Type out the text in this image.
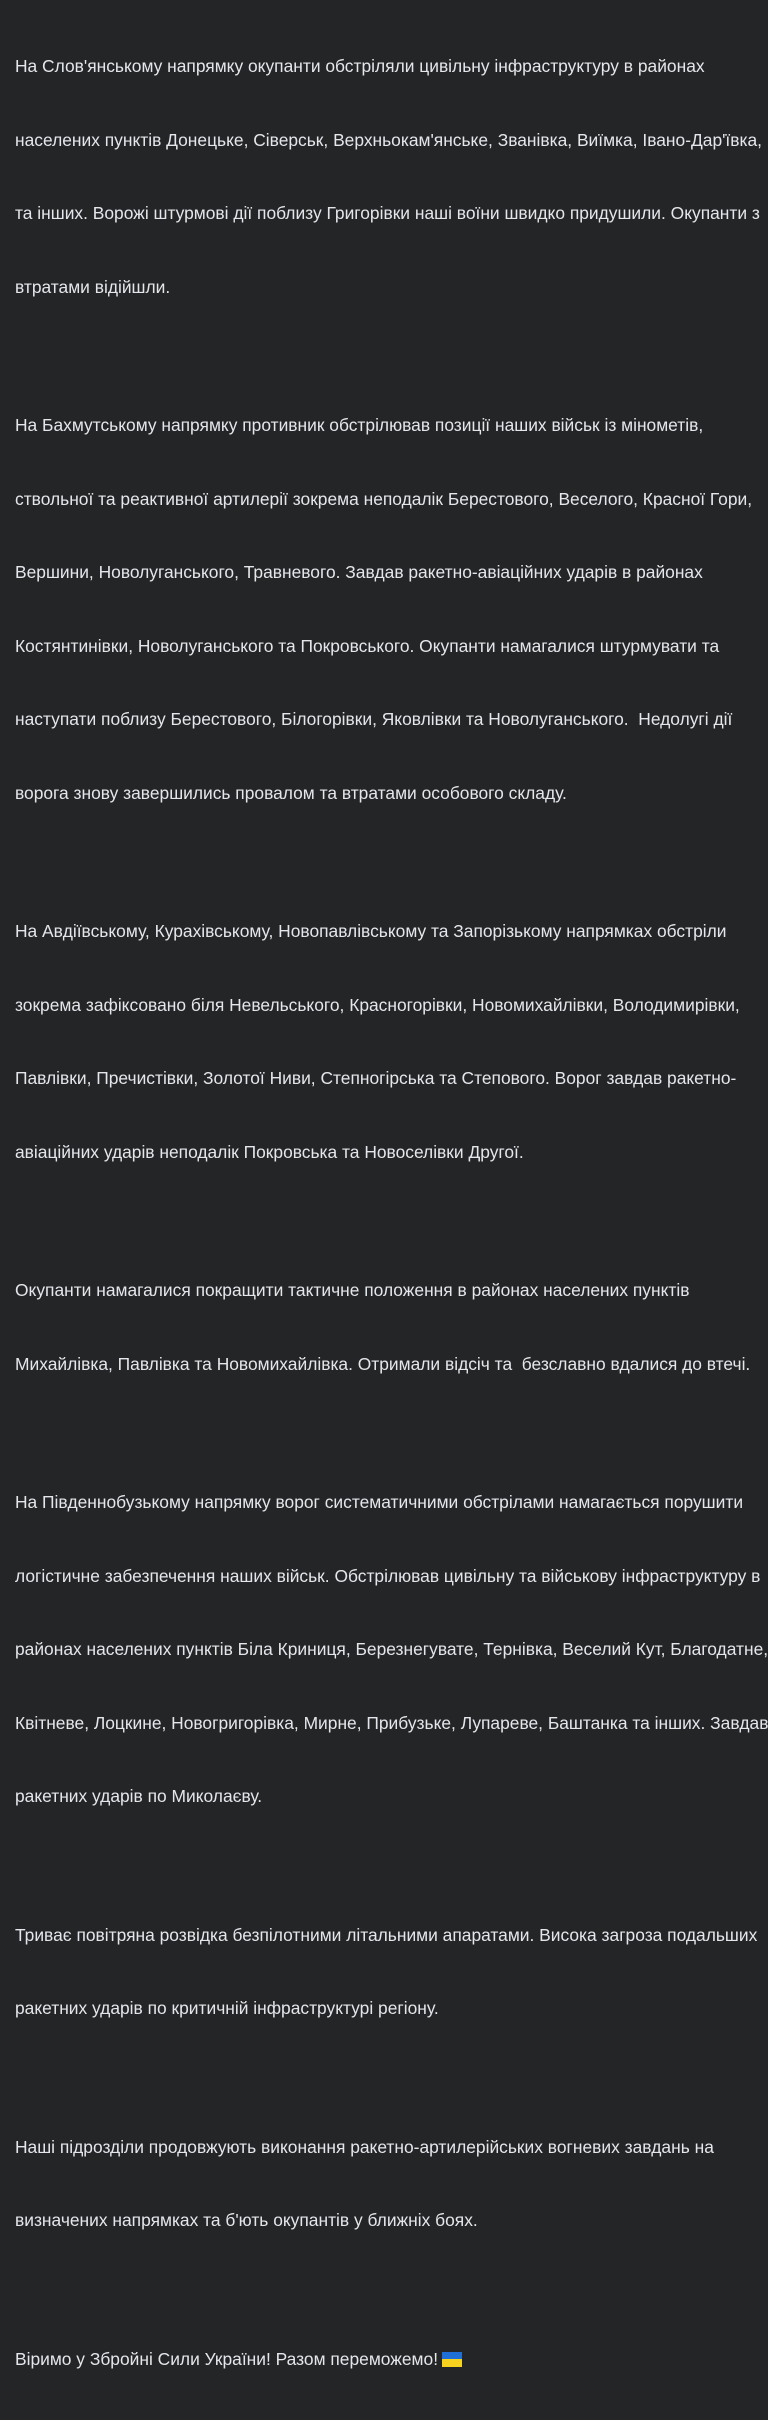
На Слов'янському напрямку окупанти обстріляли цивільну інфраструктуру в районах

населених пунктів Донецьке, Сіверськ, Верхньокам'янське, Званівка, Виїмка, Івано-Дар'ївка,

та інших. Ворожі штурмові дії поблизу Григорівки наші воїни швидко придушили. Окупанти з

втратами відійшли.

На Бахмутському напрямку противник обстрілював позиції наших військ із мінометів,

ствольної та реактивної артилерії зокрема неподалік Берестового, Веселого, Красної Гори,

Вершини, Новолуганського, Травневого. Завдав ракетно-авіаційних ударів в районах

Костянтинівки, Новолуганського та Покровського. Окупанти намагалися штурмувати та

наступати поблизу Берестового, Білогорівки, Яковлівки та Новолуганського.  Недолугі дії

ворога знову завершились провалом та втратами особового складу.

На Авдіївському, Курахівському, Новопавлівському та Запорізькому напрямках обстріли

зокрема зафіксовано біля Невельського, Красногорівки, Новомихайлівки, Володимирівки,

Павлівки, Пречистівки, Золотої Ниви, Степногірська та Степового. Ворог завдав ракетно-

авіаційних ударів неподалік Покровська та Новоселівки Другої.

Окупанти намагалися покращити тактичне положення в районах населених пунктів

Михайлівка, Павлівка та Новомихайлівка. Отримали відсіч та  безславно вдалися до втечі.

На Південнобузькому напрямку ворог систематичними обстрілами намагається порушити

логістичне забезпечення наших військ. Обстрілював цивільну та військову інфраструктуру в

районах населених пунктів Біла Криниця, Березнегувате, Тернівка, Веселий Кут, Благодатне,

Квітневе, Лоцкине, Новогригорівка, Мирне, Прибузьке, Лупареве, Баштанка та інших. Завдав

ракетних ударів по Миколаєву.

Триває повітряна розвідка безпілотними літальними апаратами. Висока загроза подальших

ракетних ударів по критичній інфраструктурі регіону.

Наші підрозділи продовжують виконання ракетно-артилерійських вогневих завдань на

визначених напрямках та б'ють окупантів у ближніх боях.

Віримо у Збройні Сили України! Разом переможемо!
